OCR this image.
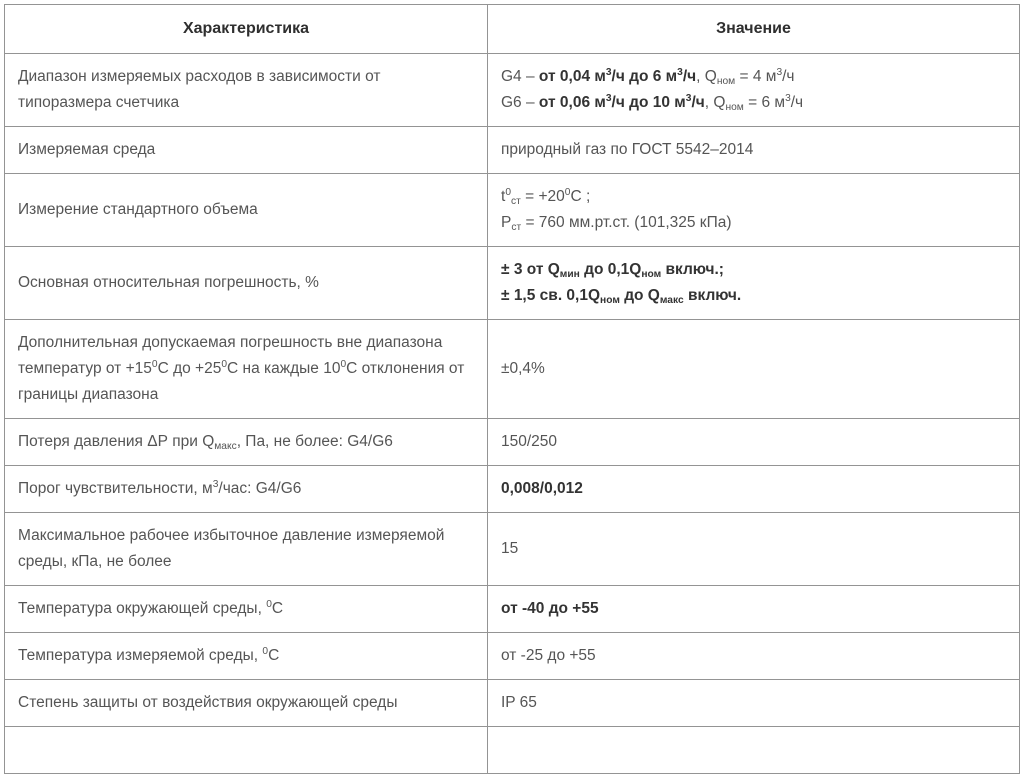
Характеристика	Значение

Диапазон измеряемых расходов в зависимости от типоразмера счетчика	G4 – от 0,04 $м^3/ч$ до 6 $м^3/ч$, $Q_{ном} = 4$ $м^3/ч$
G6 – от 0,06 $м^3/ч$ до 10 $м^3/ч$, $Q_{ном} = 6$ $м^3/ч$

Измеряемая среда	природный газ по ГОСТ 5542–2014

Измерение стандартного объема	$t^0_{ст} = +20^0С$ ;
$P_{ст} = 760$ мм.рт.ст. (101,325 кПа)

Основная относительная погрешность, %	± 3 от $Q_{мин}$ до $0,1Q_{ном}$ включ.;
± 1,5 св. $0,1Q_{ном}$ до $Q_{макс}$ включ.

Дополнительная допускаемая погрешность вне диапазона температур от $+15^0С$ до $+25^0С$ на каждые $10^0С$ отклонения от границы диапазона	±0,4%

Потеря давления ΔР при $Q_{макс}$, Па, не более: G4/G6	150/250

Порог чувствительности, $м^3$/час: G4/G6	0,008/0,012

Максимальное рабочее избыточное давление измеряемой среды, кПа, не более	15

Температура окружающей среды, $^0$С	от -40 до +55

Температура измеряемой среды, $^0$С	от -25 до +55

Степень защиты от воздействия окружающей среды	IP 65
